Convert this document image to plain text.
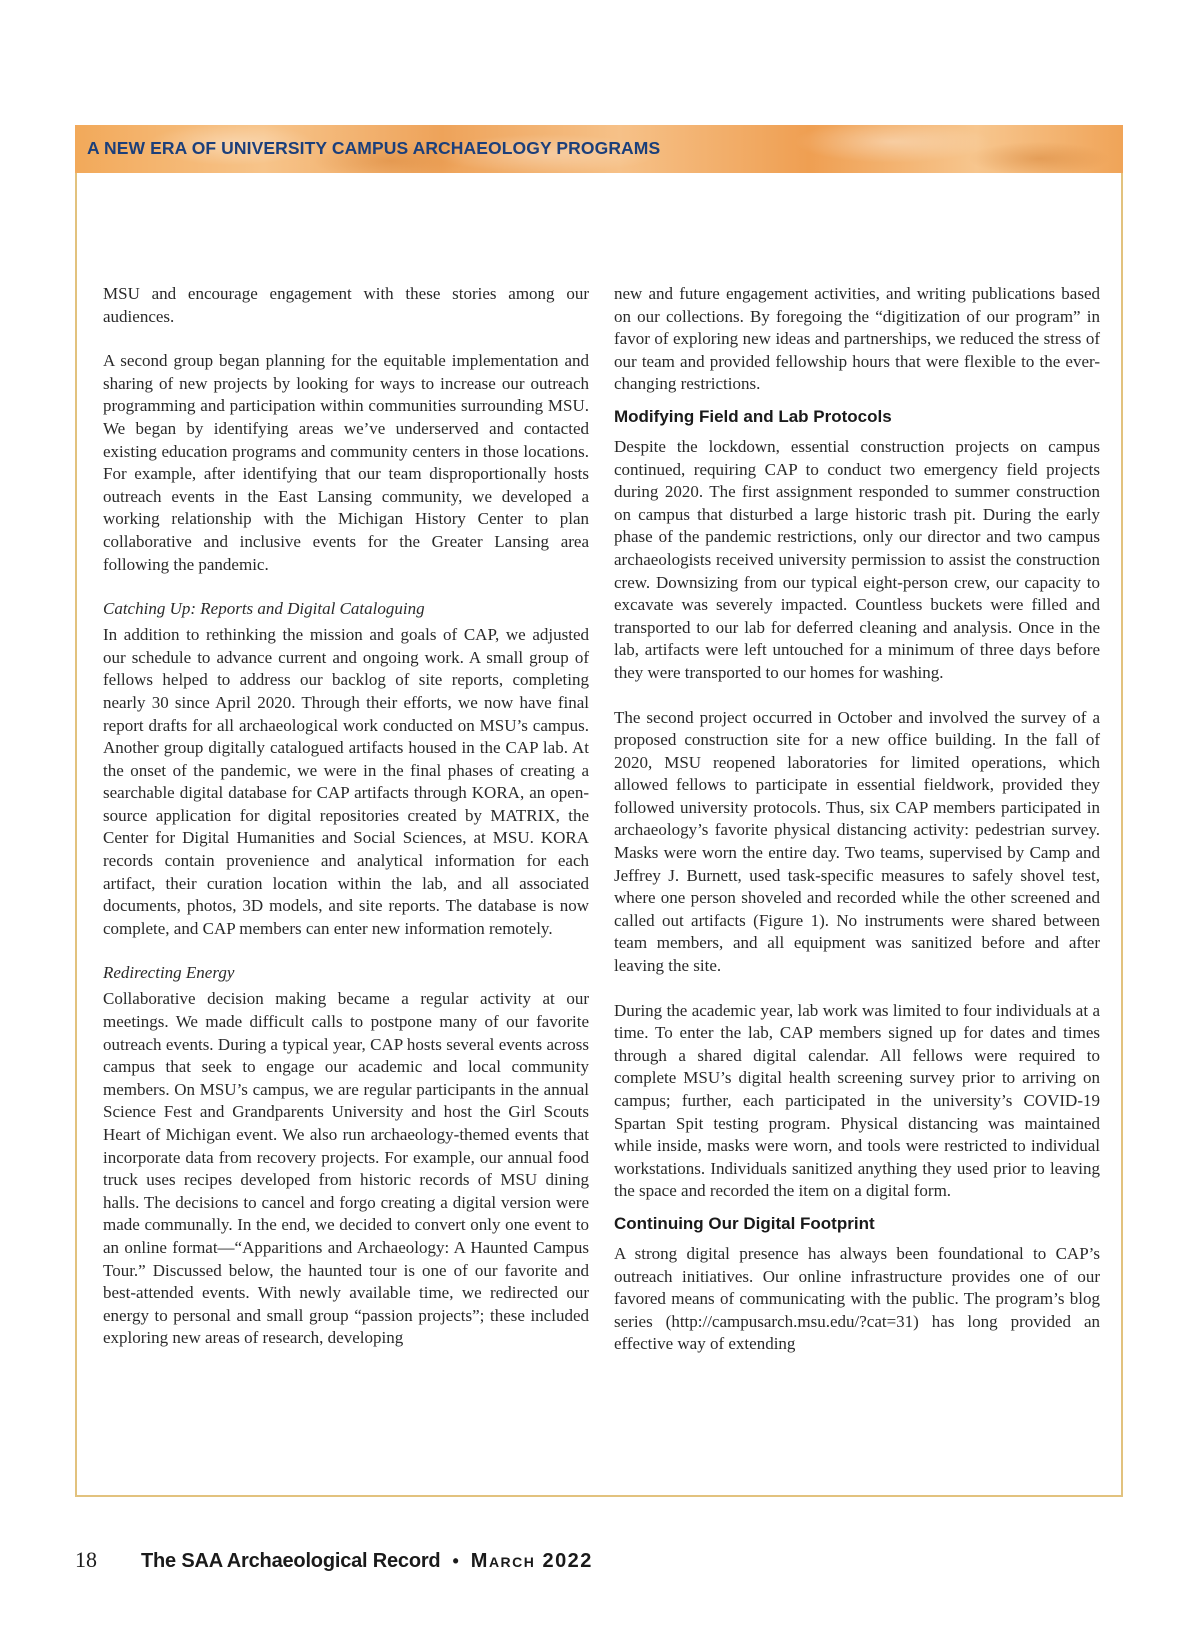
A NEW ERA OF UNIVERSITY CAMPUS ARCHAEOLOGY PROGRAMS

MSU and encourage engagement with these stories among our audiences.

A second group began planning for the equitable implementation and sharing of new projects by looking for ways to increase our outreach programming and participation within communities surrounding MSU. We began by identifying areas we’ve underserved and contacted existing education programs and community centers in those locations. For example, after identifying that our team disproportionally hosts outreach events in the East Lansing community, we developed a working relationship with the Michigan History Center to plan collaborative and inclusive events for the Greater Lansing area following the pandemic.

Catching Up: Reports and Digital Cataloguing

In addition to rethinking the mission and goals of CAP, we adjusted our schedule to advance current and ongoing work. A small group of fellows helped to address our backlog of site reports, completing nearly 30 since April 2020. Through their efforts, we now have final report drafts for all archaeological work conducted on MSU’s campus. Another group digitally catalogued artifacts housed in the CAP lab. At the onset of the pandemic, we were in the final phases of creating a searchable digital database for CAP artifacts through KORA, an open-source application for digital repositories created by MATRIX, the Center for Digital Humanities and Social Sciences, at MSU. KORA records contain provenience and analytical information for each artifact, their curation location within the lab, and all associated documents, photos, 3D models, and site reports. The database is now complete, and CAP members can enter new information remotely.

Redirecting Energy

Collaborative decision making became a regular activity at our meetings. We made difficult calls to postpone many of our favorite outreach events. During a typical year, CAP hosts several events across campus that seek to engage our academic and local community members. On MSU’s campus, we are regular participants in the annual Science Fest and Grandparents University and host the Girl Scouts Heart of Michigan event. We also run archaeology-themed events that incorporate data from recovery projects. For example, our annual food truck uses recipes developed from historic records of MSU dining halls. The decisions to cancel and forgo creating a digital version were made communally. In the end, we decided to convert only one event to an online format—“Apparitions and Archaeology: A Haunted Campus Tour.” Discussed below, the haunted tour is one of our favorite and best-attended events. With newly available time, we redirected our energy to personal and small group “passion projects”; these included exploring new areas of research, developing

new and future engagement activities, and writing publications based on our collections. By foregoing the “digitization of our program” in favor of exploring new ideas and partnerships, we reduced the stress of our team and provided fellowship hours that were flexible to the ever-changing restrictions.

Modifying Field and Lab Protocols

Despite the lockdown, essential construction projects on campus continued, requiring CAP to conduct two emergency field projects during 2020. The first assignment responded to summer construction on campus that disturbed a large historic trash pit. During the early phase of the pandemic restrictions, only our director and two campus archaeologists received university permission to assist the construction crew. Downsizing from our typical eight-person crew, our capacity to excavate was severely impacted. Countless buckets were filled and transported to our lab for deferred cleaning and analysis. Once in the lab, artifacts were left untouched for a minimum of three days before they were transported to our homes for washing.

The second project occurred in October and involved the survey of a proposed construction site for a new office building. In the fall of 2020, MSU reopened laboratories for limited operations, which allowed fellows to participate in essential fieldwork, provided they followed university protocols. Thus, six CAP members participated in archaeology’s favorite physical distancing activity: pedestrian survey. Masks were worn the entire day. Two teams, supervised by Camp and Jeffrey J. Burnett, used task-specific measures to safely shovel test, where one person shoveled and recorded while the other screened and called out artifacts (Figure 1). No instruments were shared between team members, and all equipment was sanitized before and after leaving the site.

During the academic year, lab work was limited to four individuals at a time. To enter the lab, CAP members signed up for dates and times through a shared digital calendar. All fellows were required to complete MSU’s digital health screening survey prior to arriving on campus; further, each participated in the university’s COVID-19 Spartan Spit testing program. Physical distancing was maintained while inside, masks were worn, and tools were restricted to individual workstations. Individuals sanitized anything they used prior to leaving the space and recorded the item on a digital form.

Continuing Our Digital Footprint

A strong digital presence has always been foundational to CAP’s outreach initiatives. Our online infrastructure provides one of our favored means of communicating with the public. The program’s blog series (http://campusarch.msu.edu/?cat=31) has long provided an effective way of extending

18	The SAA Archaeological Record • March 2022
